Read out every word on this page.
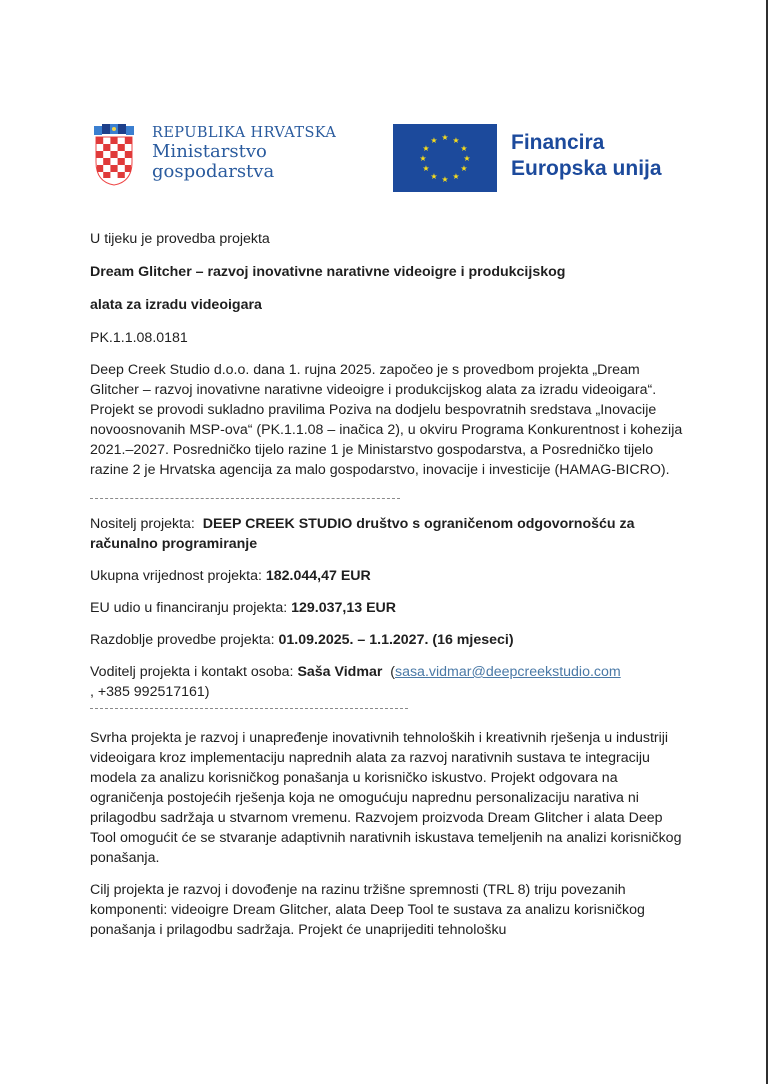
REPUBLIKA HRVATSKA
Ministarstvo
gospodarstva
★ ★
★
★
★
★
★
★
★
★
★
★	Financira
Europska unija

U tijeku je provedba projekta

Dream Glitcher – razvoj inovativne narativne videoigre i produkcijskog

alata za izradu videoigara

PK.1.1.08.0181

Deep Creek Studio d.o.o. dana 1. rujna 2025. započeo je s provedbom projekta „Dream Glitcher – razvoj inovativne narativne videoigre i produkcijskog alata za izradu videoigara“. Projekt se provodi sukladno pravilima Poziva na dodjelu bespovratnih sredstava „Inovacije novoosnovanih MSP-ova“ (PK.1.1.08 – inačica 2), u okviru Programa Konkurentnost i kohezija 2021.–2027. Posredničko tijelo razine 1 je Ministarstvo gospodarstva, a Posredničko tijelo razine 2 je Hrvatska agencija za malo gospodarstvo, inovacije i investicije (HAMAG-BICRO).

Nositelj projekta: DEEP CREEK STUDIO društvo s ograničenom odgovornošću za računalno programiranje

Ukupna vrijednost projekta: 182.044,47 EUR

EU udio u financiranju projekta: 129.037,13 EUR

Razdoblje provedbe projekta: 01.09.2025. – 1.1.2027. (16 mjeseci)

Voditelj projekta i kontakt osoba: Saša Vidmar (sasa.vidmar@deepcreekstudio.com
, +385 992517161)

Svrha projekta je razvoj i unapređenje inovativnih tehnoloških i kreativnih rješenja u industriji videoigara kroz implementaciju naprednih alata za razvoj narativnih sustava te integraciju modela za analizu korisničkog ponašanja u korisničko iskustvo. Projekt odgovara na ograničenja postojećih rješenja koja ne omogućuju naprednu personalizaciju narativa ni prilagodbu sadržaja u stvarnom vremenu. Razvojem proizvoda Dream Glitcher i alata Deep Tool omogućit će se stvaranje adaptivnih narativnih iskustava temeljenih na analizi korisničkog ponašanja.

Cilj projekta je razvoj i dovođenje na razinu tržišne spremnosti (TRL 8) triju povezanih komponenti: videoigre Dream Glitcher, alata Deep Tool te sustava za analizu korisničkog ponašanja i prilagodbu sadržaja. Projekt će unaprijediti tehnološku
